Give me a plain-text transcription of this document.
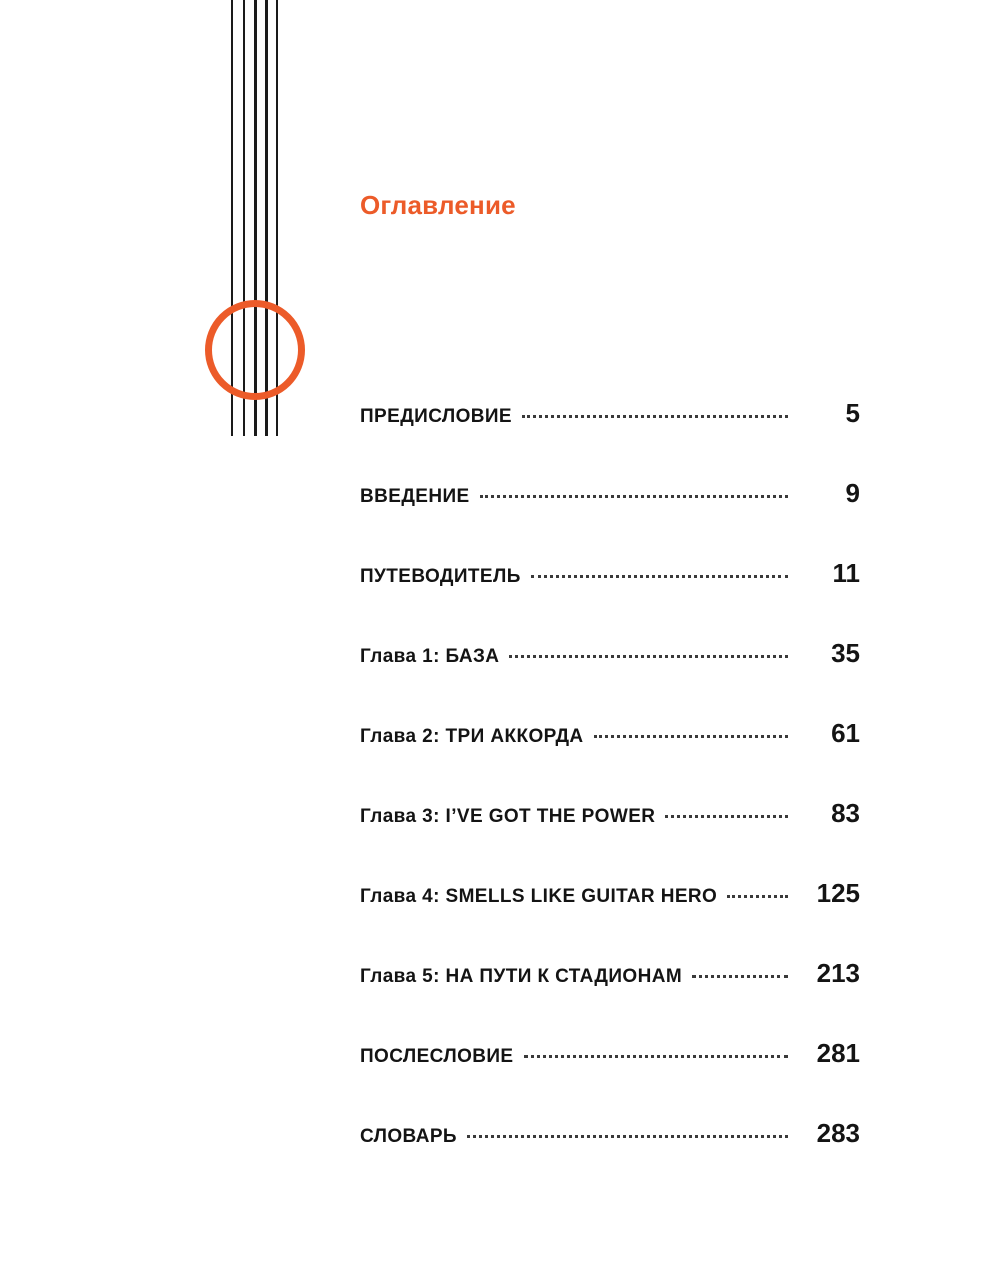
Оглавление
ПРЕДИСЛОВИЕ	5
ВВЕДЕНИЕ	9
ПУТЕВОДИТЕЛЬ	11
Глава 1: БАЗА	35
Глава 2: ТРИ АККОРДА	61
Глава 3: I’VE GOT THE POWER	83
Глава 4: SMELLS LIKE GUITAR HERO	125
Глава 5: НА ПУТИ К СТАДИОНАМ	213
ПОСЛЕСЛОВИЕ	281
СЛОВАРЬ	283
